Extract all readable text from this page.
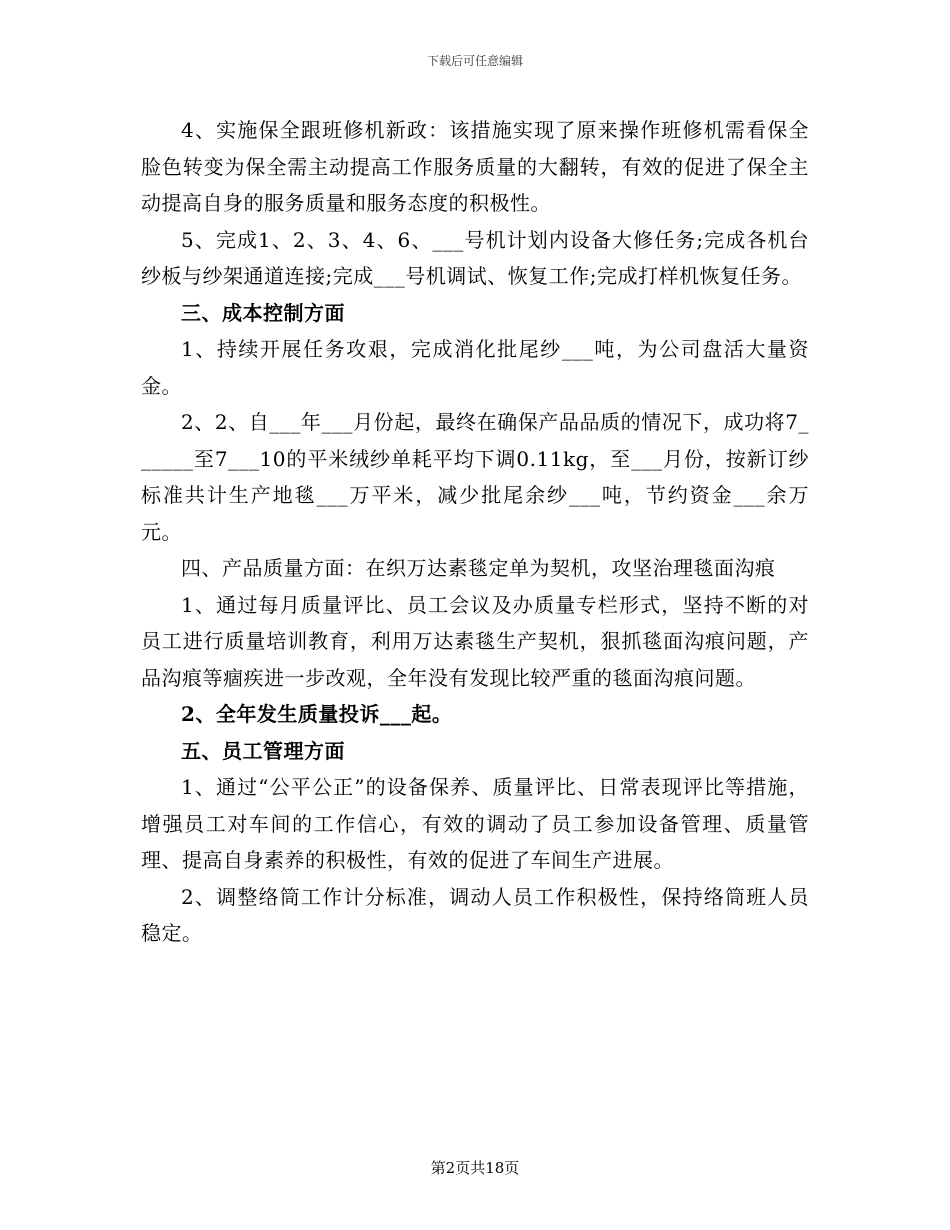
下载后可任意编辑

4、实施保全跟班修机新政：该措施实现了原来操作班修机需看保全脸色转变为保全需主动提高工作服务质量的大翻转，有效的促进了保全主动提高自身的服务质量和服务态度的积极性。

5、完成1、2、3、4、6、___号机计划内设备大修任务;完成各机台纱板与纱架通道连接;完成___号机调试、恢复工作;完成打样机恢复任务。

三、成本控制方面

1、持续开展任务攻艰，完成消化批尾纱___吨，为公司盘活大量资金。

2、2、自___年___月份起，最终在确保产品品质的情况下，成功将7______至7___10的平米绒纱单耗平均下调0.11kg，至___月份，按新订纱标准共计生产地毯___万平米，减少批尾余纱___吨，节约资金___余万元。

四、产品质量方面：在织万达素毯定单为契机，攻坚治理毯面沟痕

1、通过每月质量评比、员工会议及办质量专栏形式，坚持不断的对员工进行质量培训教育，利用万达素毯生产契机，狠抓毯面沟痕问题，产品沟痕等痼疾进一步改观，全年没有发现比较严重的毯面沟痕问题。

2、全年发生质量投诉___起。

五、员工管理方面

1、通过“公平公正”的设备保养、质量评比、日常表现评比等措施，增强员工对车间的工作信心，有效的调动了员工参加设备管理、质量管理、提高自身素养的积极性，有效的促进了车间生产进展。

2、调整络筒工作计分标准，调动人员工作积极性，保持络筒班人员稳定。

第2页共18页
